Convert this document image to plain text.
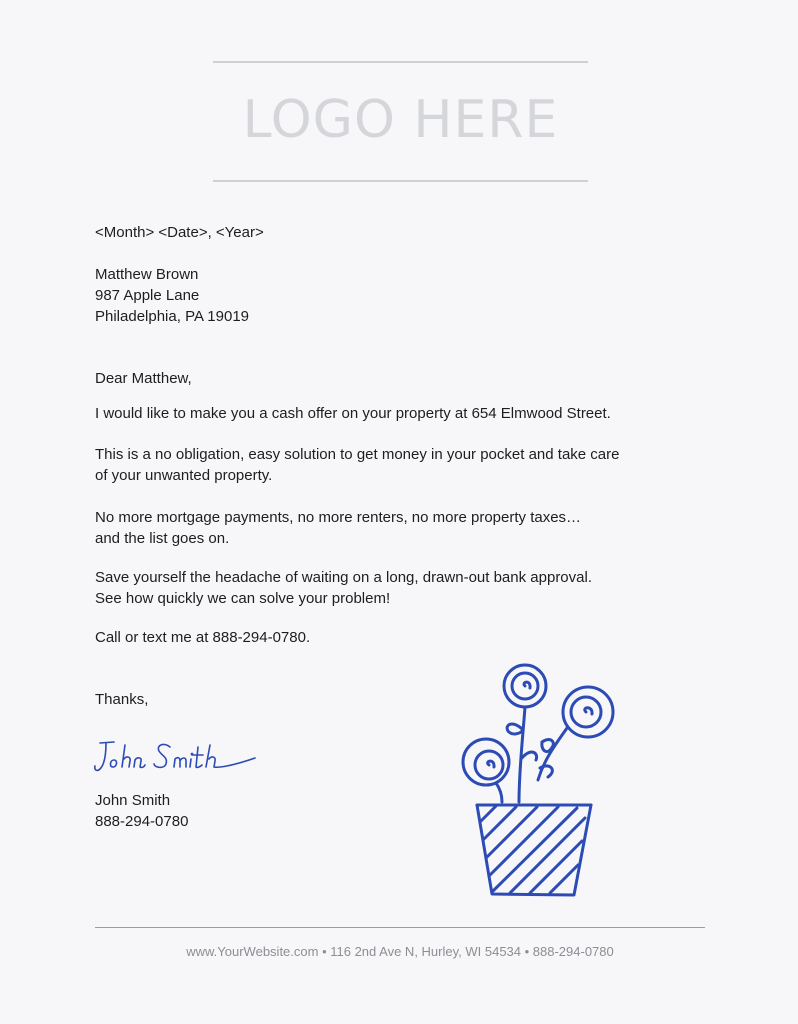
LOGO HERE
<Month> <Date>, <Year>
Matthew Brown
987 Apple Lane
Philadelphia, PA 19019
Dear Matthew,
I would like to make you a cash offer on your property at 654 Elmwood Street.
This is a no obligation, easy solution to get money in your pocket and take care
of your unwanted property.
No more mortgage payments, no more renters, no more property taxes…
and the list goes on.
Save yourself the headache of waiting on a long, drawn-out bank approval.
See how quickly we can solve your problem!
Call or text me at 888-294-0780.
Thanks,
John Smith
888-294-0780
www.YourWebsite.com • 116 2nd Ave N, Hurley, WI 54534 • 888-294-0780
